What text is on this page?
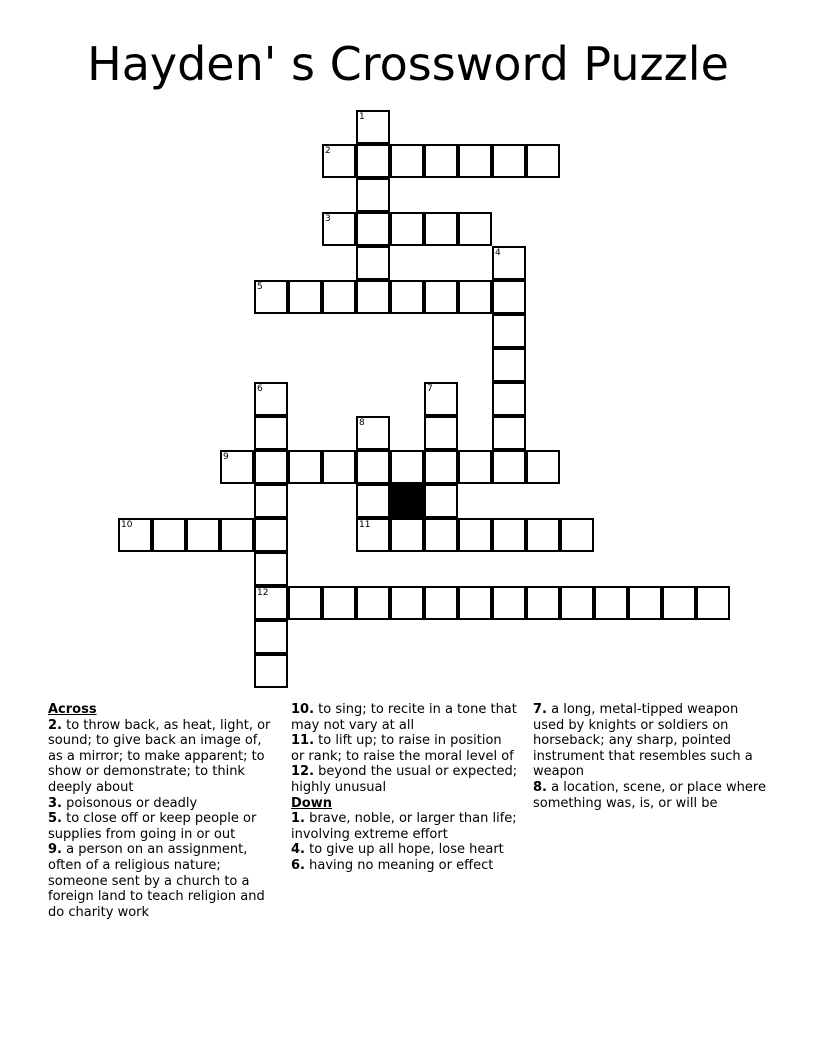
Hayden' s Crossword Puzzle
1
2
3
4
5
6	7
8
9
10	11
12
Across
2. to throw back, as heat, light, or sound; to give back an image of, as a mirror; to make apparent; to show or demonstrate; to think deeply about
3. poisonous or deadly
5. to close off or keep people or supplies from going in or out
9. a person on an assignment, often of a religious nature; someone sent by a church to a foreign land to teach religion and do charity work
10. to sing; to recite in a tone that may not vary at all
11. to lift up; to raise in position or rank; to raise the moral level of
12. beyond the usual or expected; highly unusual
Down
1. brave, noble, or larger than life; involving extreme effort
4. to give up all hope, lose heart
6. having no meaning or effect
7. a long, metal-tipped weapon used by knights or soldiers on horseback; any sharp, pointed instrument that resembles such a weapon
8. a location, scene, or place where something was, is, or will be
